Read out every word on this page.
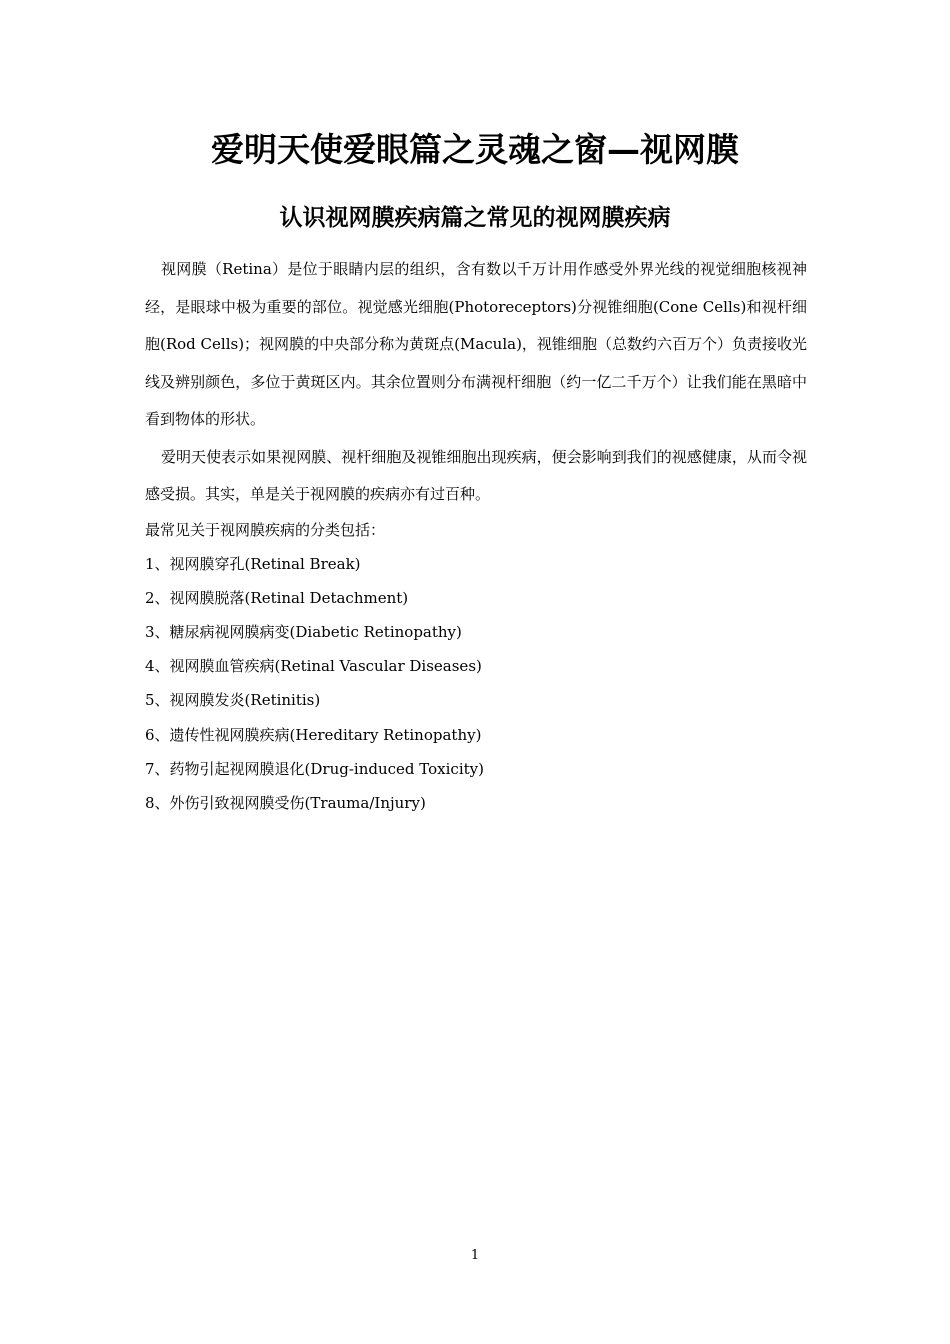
爱明天使爱眼篇之灵魂之窗—视网膜
认识视网膜疾病篇之常见的视网膜疾病

视网膜（Retina）是位于眼睛内层的组织，含有数以千万计用作感受外界光线的视觉细胞核视神经，是眼球中极为重要的部位。视觉感光细胞(Photoreceptors)分视锥细胞(Cone Cells)和视杆细胞(Rod Cells)；视网膜的中央部分称为黄斑点(Macula)，视锥细胞（总数约六百万个）负责接收光线及辨别颜色，多位于黄斑区内。其余位置则分布满视杆细胞（约一亿二千万个）让我们能在黑暗中看到物体的形状。

爱明天使表示如果视网膜、视杆细胞及视锥细胞出现疾病，便会影响到我们的视感健康，从而令视感受损。其实，单是关于视网膜的疾病亦有过百种。

最常见关于视网膜疾病的分类包括：

1、视网膜穿孔(Retinal Break)
2、视网膜脱落(Retinal Detachment)
3、糖尿病视网膜病变(Diabetic Retinopathy)
4、视网膜血管疾病(Retinal Vascular Diseases)
5、视网膜发炎(Retinitis)
6、遗传性视网膜疾病(Hereditary Retinopathy)
7、药物引起视网膜退化(Drug-induced Toxicity)
8、外伤引致视网膜受伤(Trauma/Injury)
1
